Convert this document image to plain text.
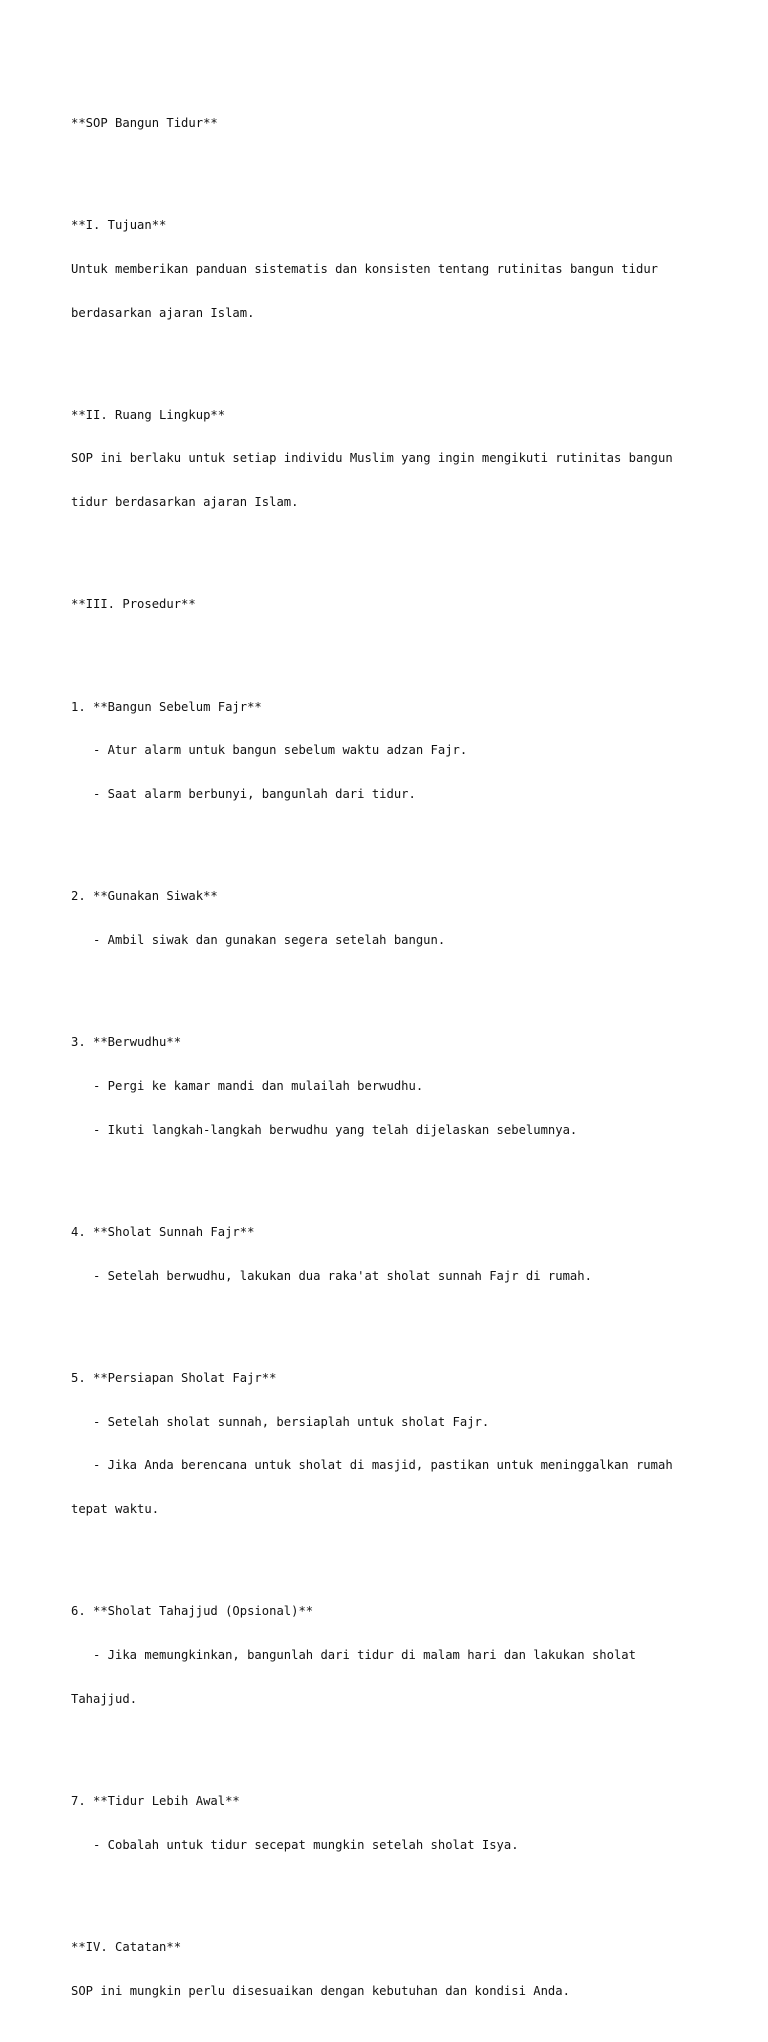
**SOP Bangun Tidur**

**I. Tujuan**

Untuk memberikan panduan sistematis dan konsisten tentang rutinitas bangun tidur

berdasarkan ajaran Islam.

**II. Ruang Lingkup**

SOP ini berlaku untuk setiap individu Muslim yang ingin mengikuti rutinitas bangun

tidur berdasarkan ajaran Islam.

**III. Prosedur**

1. **Bangun Sebelum Fajr**

- Atur alarm untuk bangun sebelum waktu adzan Fajr.

- Saat alarm berbunyi, bangunlah dari tidur.

2. **Gunakan Siwak**

- Ambil siwak dan gunakan segera setelah bangun.

3. **Berwudhu**

- Pergi ke kamar mandi dan mulailah berwudhu.

- Ikuti langkah-langkah berwudhu yang telah dijelaskan sebelumnya.

4. **Sholat Sunnah Fajr**

- Setelah berwudhu, lakukan dua raka'at sholat sunnah Fajr di rumah.

5. **Persiapan Sholat Fajr**

- Setelah sholat sunnah, bersiaplah untuk sholat Fajr.

- Jika Anda berencana untuk sholat di masjid, pastikan untuk meninggalkan rumah

tepat waktu.

6. **Sholat Tahajjud (Opsional)**

- Jika memungkinkan, bangunlah dari tidur di malam hari dan lakukan sholat

Tahajjud.

7. **Tidur Lebih Awal**

- Cobalah untuk tidur secepat mungkin setelah sholat Isya.

**IV. Catatan**

SOP ini mungkin perlu disesuaikan dengan kebutuhan dan kondisi Anda.
